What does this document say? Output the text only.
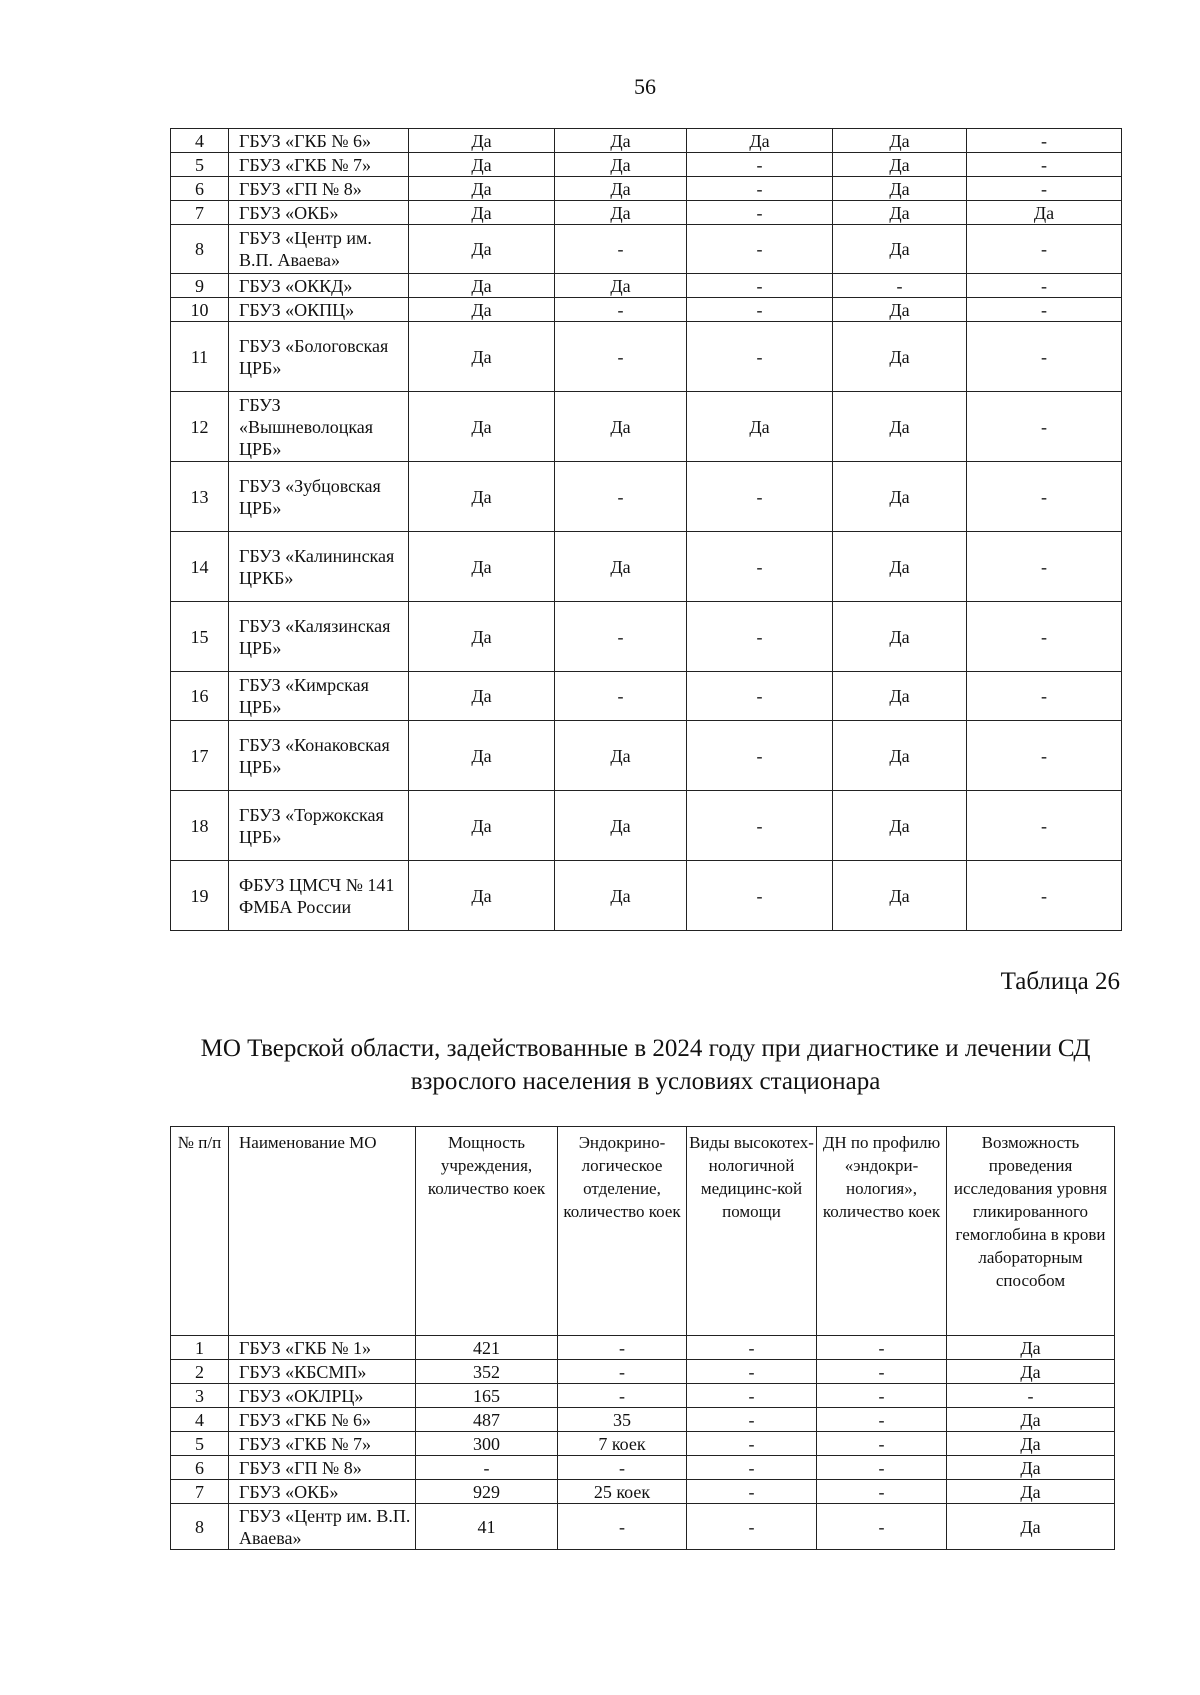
56
4	ГБУЗ «ГКБ № 6»	Да	Да	Да	Да	-
5	ГБУЗ «ГКБ № 7»	Да	Да	-	Да	-
6	ГБУЗ «ГП № 8»	Да	Да	-	Да	-
7	ГБУЗ «ОКБ»	Да	Да	-	Да	Да
8	ГБУЗ «Центр им. В.П. Аваева»	Да	-	-	Да	-
9	ГБУЗ «ОККД»	Да	Да	-	-	-
10	ГБУЗ «ОКПЦ»	Да	-	-	Да	-
11	ГБУЗ «Бологовская ЦРБ»	Да	-	-	Да	-
12	ГБУЗ «Вышневолоцкая ЦРБ»	Да	Да	Да	Да	-
13	ГБУЗ «Зубцовская ЦРБ»	Да	-	-	Да	-
14	ГБУЗ «Калининская ЦРКБ»	Да	Да	-	Да	-
15	ГБУЗ «Калязинская ЦРБ»	Да	-	-	Да	-
16	ГБУЗ «Кимрская ЦРБ»	Да	-	-	Да	-
17	ГБУЗ «Конаковская ЦРБ»	Да	Да	-	Да	-
18	ГБУЗ «Торжокская ЦРБ»	Да	Да	-	Да	-
19	ФБУЗ ЦМСЧ № 141 ФМБА России	Да	Да	-	Да	-
Таблица 26
МО Тверской области, задействованные в 2024 году при диагностике и лечении СД взрослого населения в условиях стационара
№ п/п	Наименование МО	Мощность учреждения, количество коек	Эндокрино-логическое отделение, количество коек	Виды высокотех-нологичной медицинс-кой помощи	ДН по профилю «эндокри-нология», количество коек	Возможность проведения исследования уровня гликированного гемоглобина в крови лабораторным способом
1	ГБУЗ «ГКБ № 1»	421	-	-	-	Да
2	ГБУЗ «КБСМП»	352	-	-	-	Да
3	ГБУЗ «ОКЛРЦ»	165	-	-	-	-
4	ГБУЗ «ГКБ № 6»	487	35	-	-	Да
5	ГБУЗ «ГКБ № 7»	300	7 коек	-	-	Да
6	ГБУЗ «ГП № 8»	-	-	-	-	Да
7	ГБУЗ «ОКБ»	929	25 коек	-	-	Да
8	ГБУЗ «Центр им. В.П. Аваева»	41	-	-	-	Да
